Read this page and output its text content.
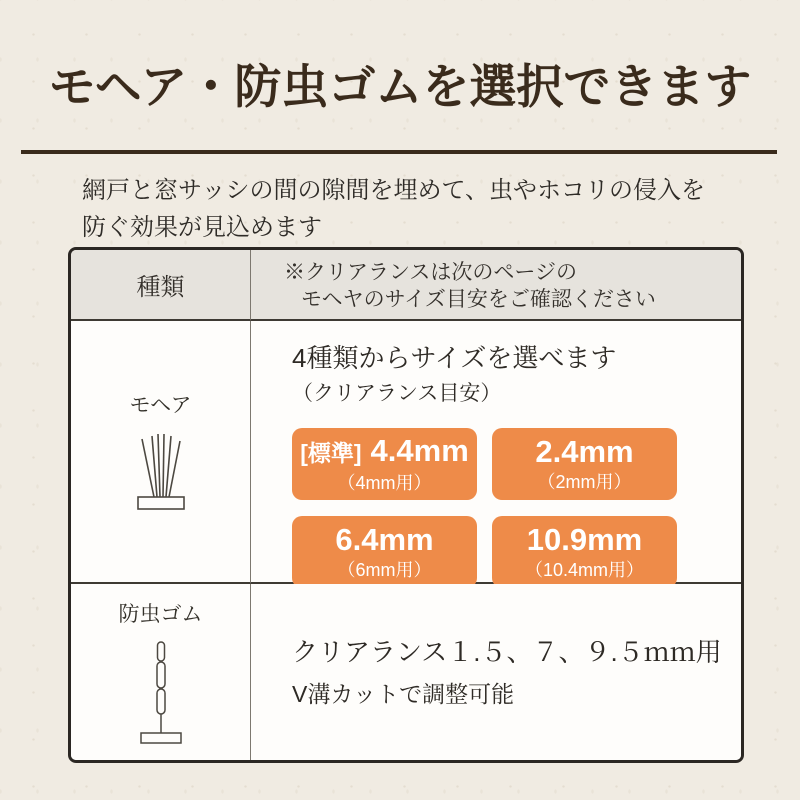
モヘア・防虫ゴムを選択できます
網戸と窓サッシの間の隙間を埋めて、虫やホコリの侵入を
防ぐ効果が見込めます
種類
※クリアランスは次のページの
モヘヤのサイズ目安をご確認ください
モヘア
4種類からサイズを選べます
（クリアランス目安）
[標準] 4.4mm
（4mm用）
2.4mm
（2mm用）
6.4mm
（6mm用）
10.9mm
（10.4mm用）
防虫ゴム
クリアランス１.５、７、９.５ｍｍ用
V溝カットで調整可能
